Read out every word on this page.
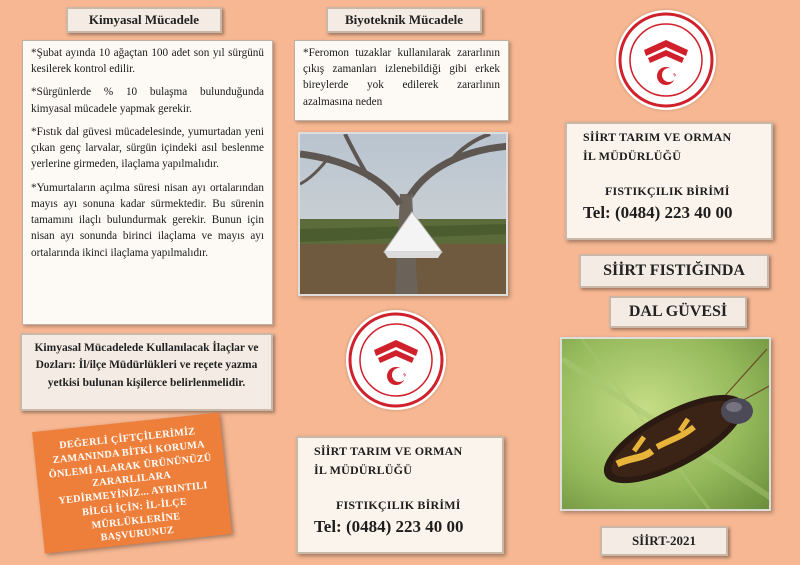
Kimyasal Mücadele

*Şubat ayında 10 ağaçtan 100 adet son yıl sürgünü kesilerek kontrol edilir.

*Sürgünlerde % 10 bulaşma bulunduğunda kimyasal mücadele yapmak gerekir.

*Fıstık dal güvesi mücadelesinde, yumurtadan yeni çıkan genç larvalar, sürgün içindeki asıl beslenme yerlerine girmeden, ilaçlama yapılmalıdır.

*Yumurtaların açılma süresi nisan ayı ortalarından mayıs ayı sonuna kadar sürmektedir. Bu sürenin tamamını ilaçlı bulundurmak gerekir. Bunun için nisan ayı sonunda birinci ilaçlama ve mayıs ayı ortalarında ikinci ilaçlama yapılmalıdır.

Kimyasal Mücadelede Kullanılacak İlaçlar ve Dozları: İl/ilçe Müdürlükleri ve reçete yazma yetkisi bulunan kişilerce belirlenmelidir.
DEĞERLİ ÇİFTÇİLERİMİZ ZAMANINDA BİTKİ KORUMA ÖNLEMİ ALARAK ÜRÜNÜNÜZÜ ZARARLILARA YEDİRMEYİNİZ... AYRINTILI BİLGİ İÇİN: İL-İLÇE MÜRLÜKLERİNE BAŞVURUNUZ
Biyoteknik Mücadele

*Feromon tuzaklar kullanılarak zararlının çıkış zamanları izlenebildiği gibi erkek bireylerde yok edilerek zararlının azalmasına neden

SİİRT TARIM VE ORMAN
İL MÜDÜRLÜĞÜ
FISTIKÇILIK BİRİMİ
Tel: (0484) 223 40 00
SİİRT TARIM VE ORMAN
İL MÜDÜRLÜĞÜ
FISTIKÇILIK BİRİMİ
Tel: (0484) 223 40 00
SİİRT FISTIĞINDA
DAL GÜVESİ
SİİRT-2021
